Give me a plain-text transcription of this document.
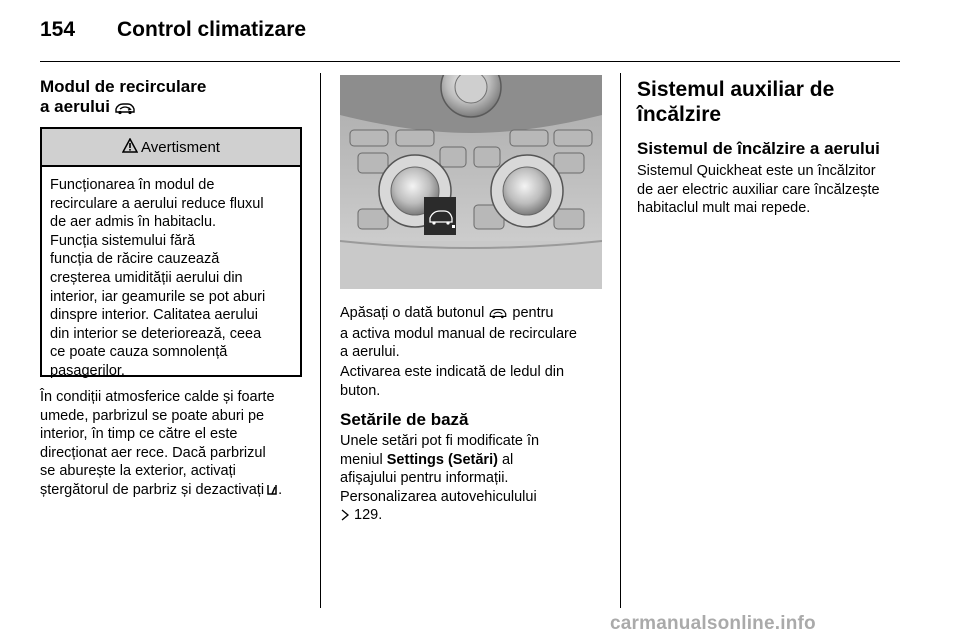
154 Control climatizare
Modul de recirculare
a aerului
Avertisment
Funcționarea în modul de
recirculare a aerului reduce fluxul
de aer admis în habitaclu.
Funcția sistemului fără
funcția de răcire cauzează
creșterea umidității aerului din
interior, iar geamurile se pot aburi
dinspre interior. Calitatea aerului
din interior se deteriorează, ceea
ce poate cauza somnolență
pasagerilor.
În condiții atmosferice calde și foarte
umede, parbrizul se poate aburi pe
interior, în timp ce către el este
direcționat aer rece. Dacă parbrizul
se aburește la exterior, activați
ștergătorul de parbriz și dezactivați .
Apăsați o dată butonul pentru
a activa modul manual de recirculare
a aerului.
Activarea este indicată de ledul din
buton.
Setările de bază
Unele setări pot fi modificate în
meniul Settings (Setări) al
afișajului pentru informații.
Personalizarea autovehiculului
129.
Sistemul auxiliar de
încălzire
Sistemul de încălzire a aerului
Sistemul Quickheat este un încălzitor
de aer electric auxiliar care încălzește
habitaclul mult mai repede.
carmanualsonline.info
